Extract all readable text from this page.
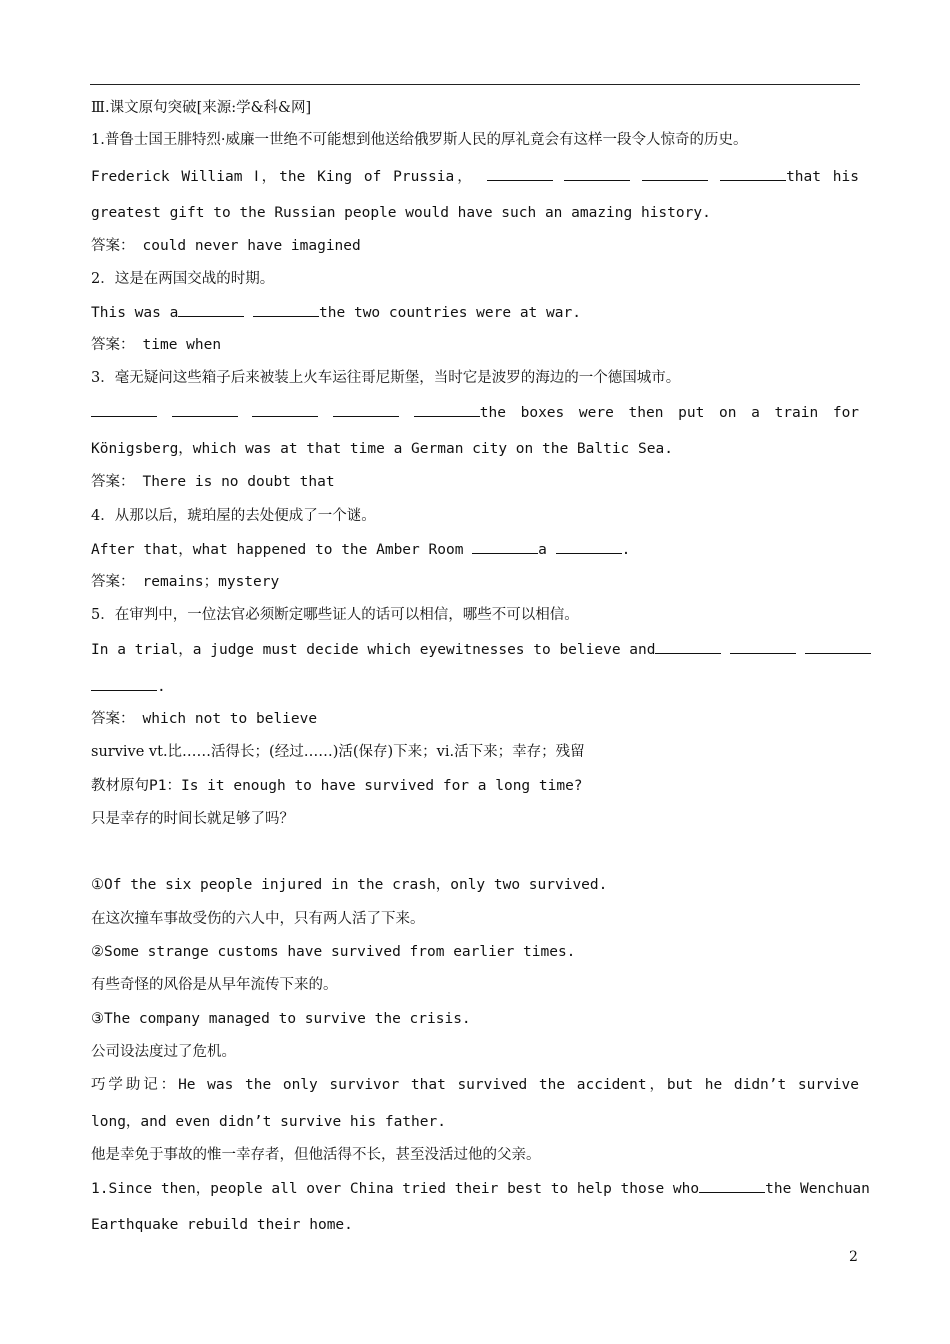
Ⅲ.课文原句突破[来源:学&科&网]
1.普鲁士国王腓特烈·威廉一世绝不可能想到他送给俄罗斯人民的厚礼竟会有这样一段令人惊奇的历史。
Frederick William Ⅰ，the King of Prussia，	that his
greatest gift to the Russian people would have such an amazing history.
答案： could never have imagined
2．这是在两国交战的时期。
This was a	the two countries were at war.
答案： time when
3．毫无疑问这些箱子后来被装上火车运往哥尼斯堡，当时它是波罗的海边的一个德国城市。
the boxes were then put on a train for
Königsberg，which was at that time a German city on the Baltic Sea.
答案： There is no doubt that
4．从那以后，琥珀屋的去处便成了一个谜。
After that，what happened to the Amber Room	a	.
答案： remains；mystery
5．在审判中，一位法官必须断定哪些证人的话可以相信，哪些不可以相信。
In a trial，a judge must decide which eyewitnesses to believe and
.
答案： which not to believe
survive vt.比……活得长；(经过……)活(保存)下来；vi.活下来；幸存；残留
教材原句P1：Is it enough to have survived for a long time?
只是幸存的时间长就足够了吗？
①Of the six people injured in the crash，only two survived.
在这次撞车事故受伤的六人中，只有两人活了下来。
②Some strange customs have survived from earlier times.
有些奇怪的风俗是从早年流传下来的。
③The company managed to survive the crisis.
公司设法度过了危机。
巧学助记：He was the only survivor that survived the accident，but he didn’t survive
long，and even didn’t survive his father.
他是幸免于事故的惟一幸存者，但他活得不长，甚至没活过他的父亲。
1.Since then，people all over China tried their best to help those who	the Wenchuan
Earthquake rebuild their home.
2
